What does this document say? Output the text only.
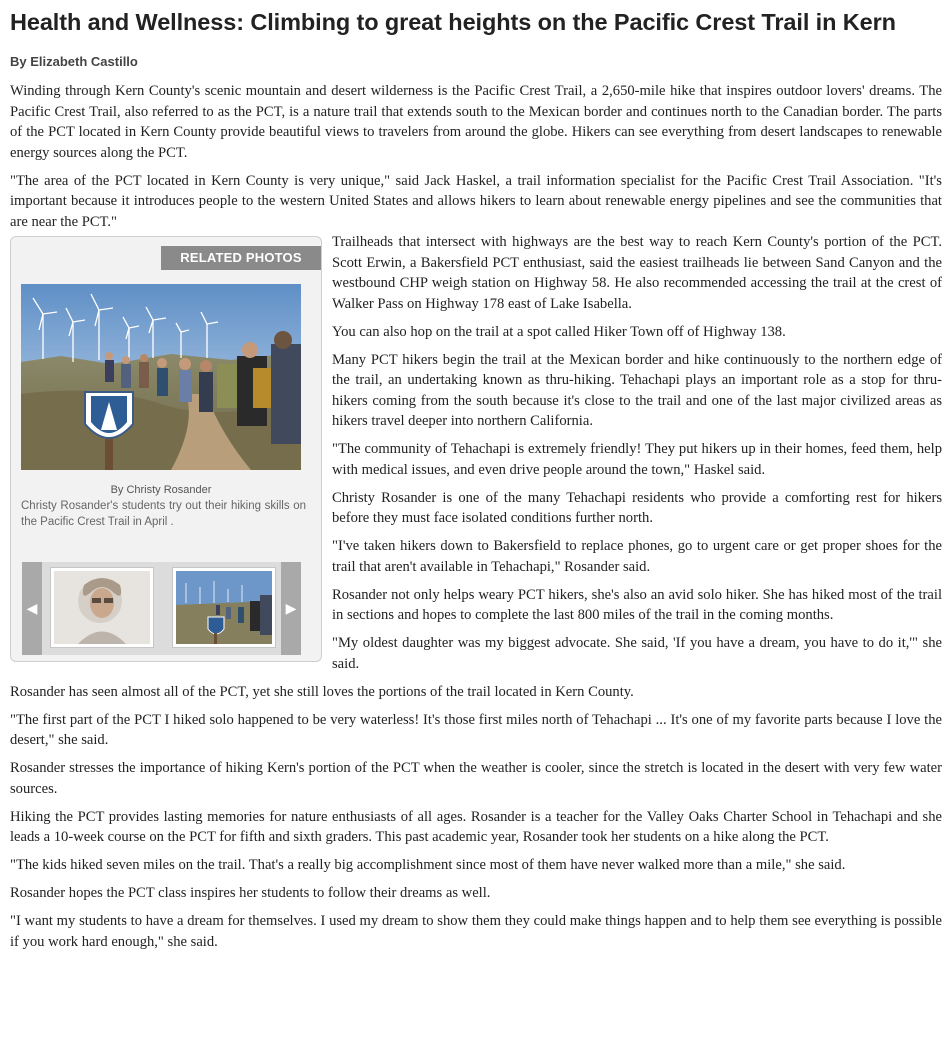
Health and Wellness: Climbing to great heights on the Pacific Crest Trail in Kern
By Elizabeth Castillo

Winding through Kern County's scenic mountain and desert wilderness is the Pacific Crest Trail, a 2,650-mile hike that inspires outdoor lovers' dreams. The Pacific Crest Trail, also referred to as the PCT, is a nature trail that extends south to the Mexican border and continues north to the Canadian border. The parts of the PCT located in Kern County provide beautiful views to travelers from around the globe. Hikers can see everything from desert landscapes to renewable energy sources along the PCT.

"The area of the PCT located in Kern County is very unique," said Jack Haskel, a trail information specialist for the Pacific Crest Trail Association. "It's important because it introduces people to the western United States and allows hikers to learn about renewable energy pipelines and see the communities that are near the PCT."

RELATED PHOTOS
By Christy Rosander
Christy Rosander's students try out their hiking skills on the Pacific Crest Trail in April .
◀	▶

Trailheads that intersect with highways are the best way to reach Kern County's portion of the PCT. Scott Erwin, a Bakersfield PCT enthusiast, said the easiest trailheads lie between Sand Canyon and the westbound CHP weigh station on Highway 58. He also recommended accessing the trail at the crest of Walker Pass on Highway 178 east of Lake Isabella.

You can also hop on the trail at a spot called Hiker Town off of Highway 138.

Many PCT hikers begin the trail at the Mexican border and hike continuously to the northern edge of the trail, an undertaking known as thru-hiking. Tehachapi plays an important role as a stop for thru-hikers coming from the south because it's close to the trail and one of the last major civilized areas as hikers travel deeper into northern California.

"The community of Tehachapi is extremely friendly! They put hikers up in their homes, feed them, help with medical issues, and even drive people around the town," Haskel said.

Christy Rosander is one of the many Tehachapi residents who provide a comforting rest for hikers before they must face isolated conditions further north.

"I've taken hikers down to Bakersfield to replace phones, go to urgent care or get proper shoes for the trail that aren't available in Tehachapi," Rosander said.

Rosander not only helps weary PCT hikers, she's also an avid solo hiker. She has hiked most of the trail in sections and hopes to complete the last 800 miles of the trail in the coming months.

"My oldest daughter was my biggest advocate. She said, 'If you have a dream, you have to do it,'" she said.

Rosander has seen almost all of the PCT, yet she still loves the portions of the trail located in Kern County.

"The first part of the PCT I hiked solo happened to be very waterless! It's those first miles north of Tehachapi ... It's one of my favorite parts because I love the desert," she said.

Rosander stresses the importance of hiking Kern's portion of the PCT when the weather is cooler, since the stretch is located in the desert with very few water sources.

Hiking the PCT provides lasting memories for nature enthusiasts of all ages. Rosander is a teacher for the Valley Oaks Charter School in Tehachapi and she leads a 10-week course on the PCT for fifth and sixth graders. This past academic year, Rosander took her students on a hike along the PCT.

"The kids hiked seven miles on the trail. That's a really big accomplishment since most of them have never walked more than a mile," she said.

Rosander hopes the PCT class inspires her students to follow their dreams as well.

"I want my students to have a dream for themselves. I used my dream to show them they could make things happen and to help them see everything is possible if you work hard enough," she said.
